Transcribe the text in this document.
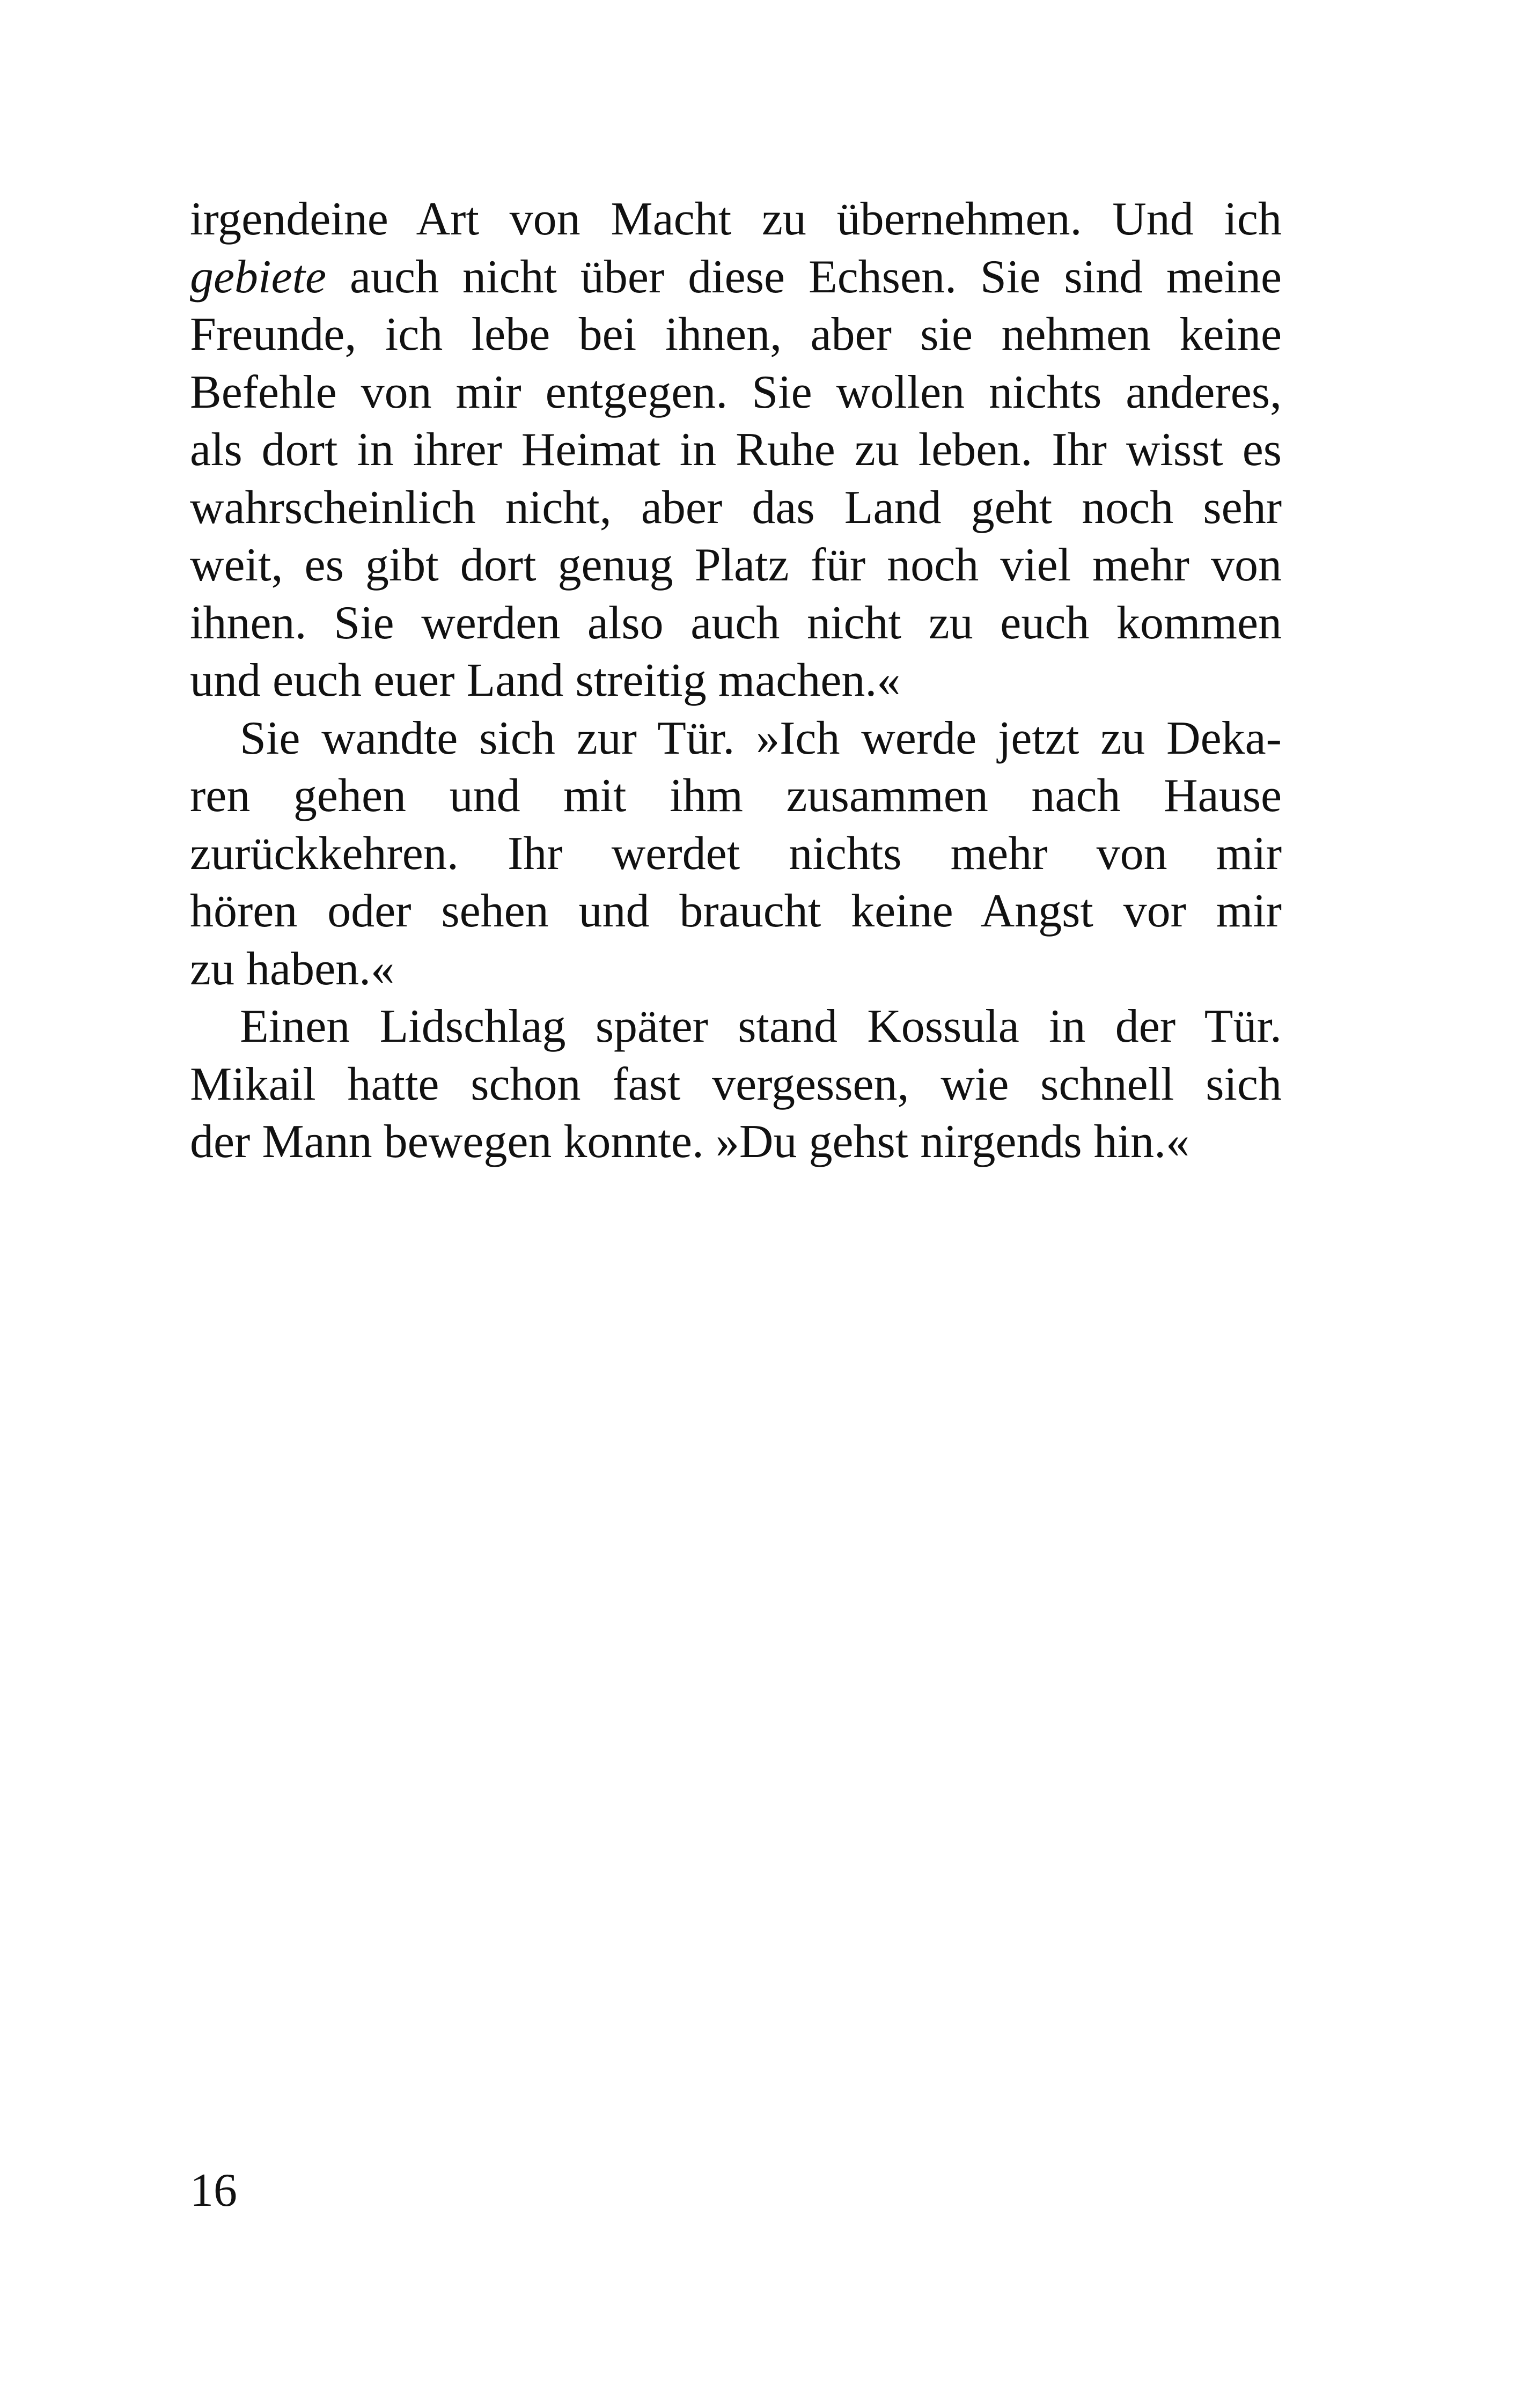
irgendeine Art von Macht zu übernehmen. Und ich
gebiete auch nicht über diese Echsen. Sie sind meine
Freunde, ich lebe bei ihnen, aber sie nehmen keine
Befehle von mir entgegen. Sie wollen nichts anderes,
als dort in ihrer Heimat in Ruhe zu leben. Ihr wisst es
wahrscheinlich nicht, aber das Land geht noch sehr
weit, es gibt dort genug Platz für noch viel mehr von
ihnen. Sie werden also auch nicht zu euch kommen
und euch euer Land streitig machen.«
Sie wandte sich zur Tür. »Ich werde jetzt zu Deka-
ren gehen und mit ihm zusammen nach Hause
zurückkehren. Ihr werdet nichts mehr von mir
hören oder sehen und braucht keine Angst vor mir
zu haben.«
Einen Lidschlag später stand Kossula in der Tür.
Mikail hatte schon fast vergessen, wie schnell sich
der Mann bewegen konnte. »Du gehst nirgends hin.«
16
